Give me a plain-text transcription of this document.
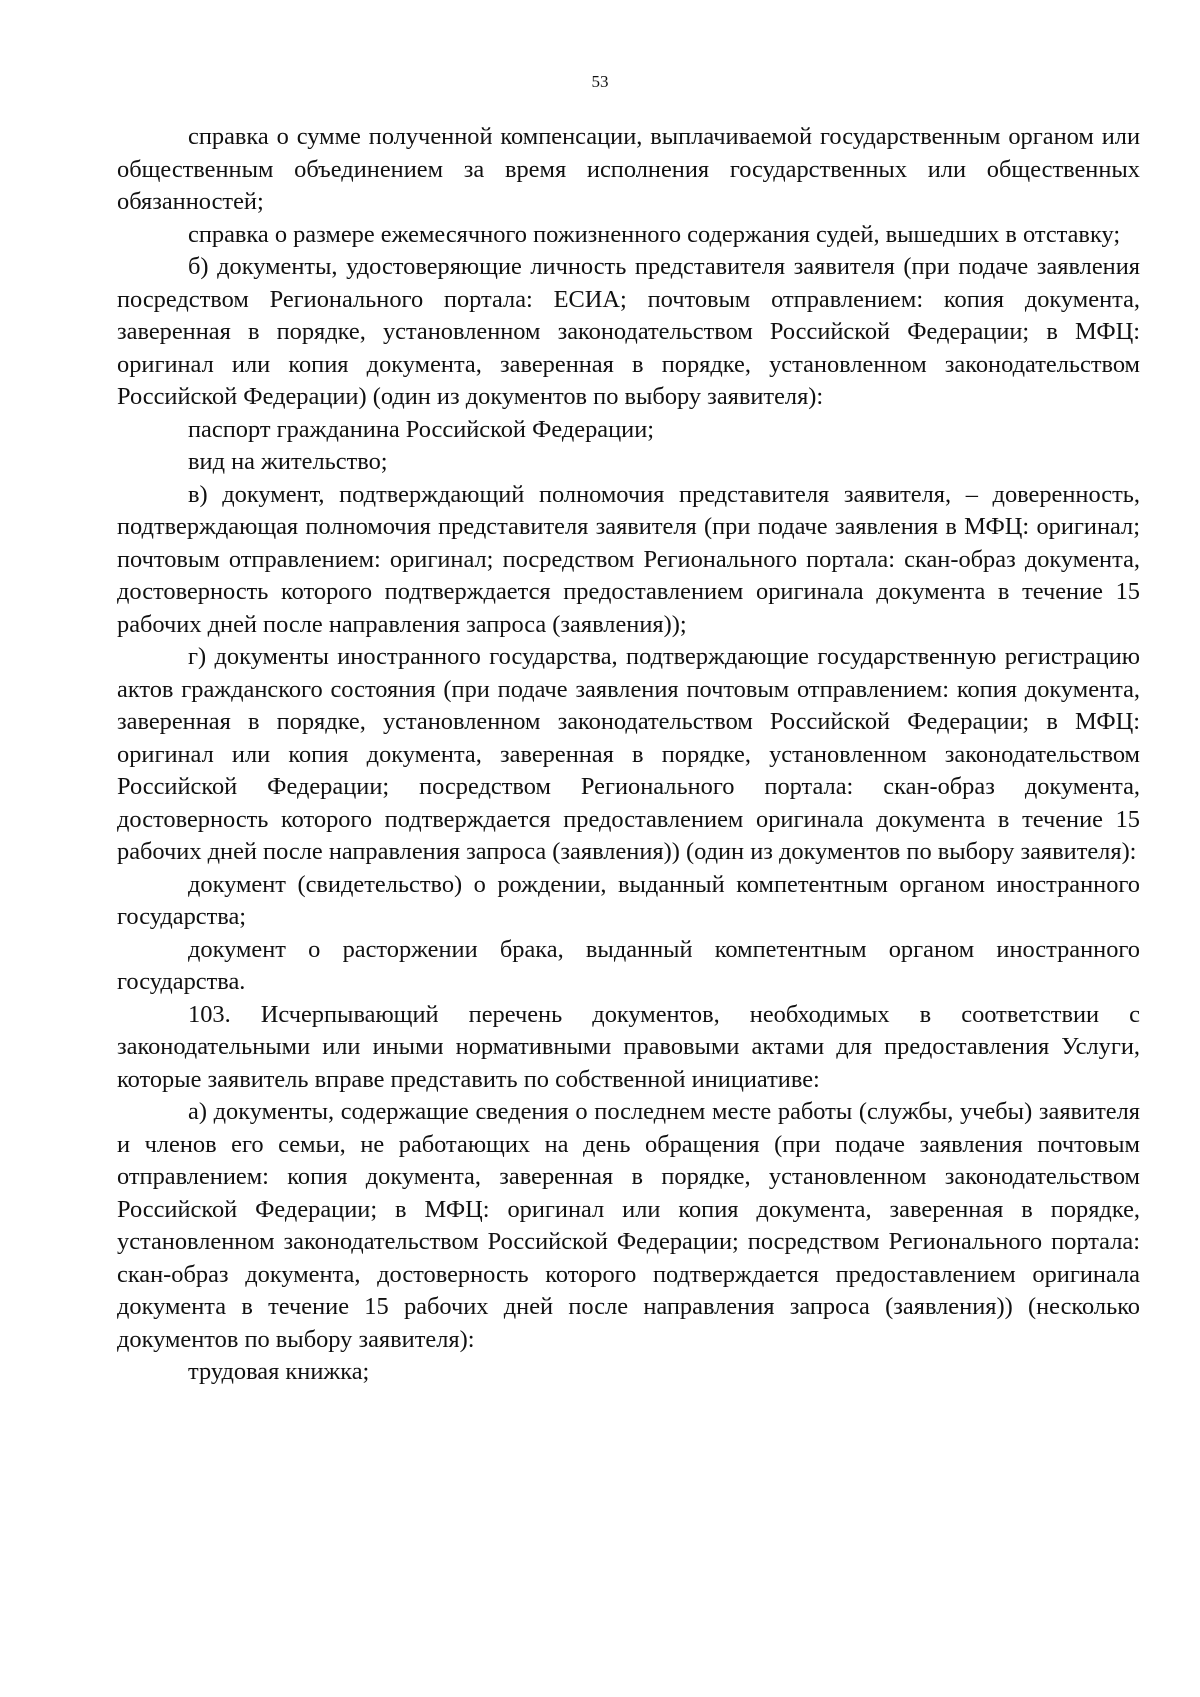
53

справка о сумме полученной компенсации, выплачиваемой государственным органом или общественным объединением за время исполнения государственных или общественных обязанностей;

справка о размере ежемесячного пожизненного содержания судей, вышедших в отставку;

б) документы, удостоверяющие личность представителя заявителя (при подаче заявления посредством Регионального портала: ЕСИА; почтовым отправлением: копия документа, заверенная в порядке, установленном законодательством Российской Федерации; в МФЦ: оригинал или копия документа, заверенная в порядке, установленном законодательством Российской Федерации) (один из документов по выбору заявителя):

паспорт гражданина Российской Федерации;

вид на жительство;

в) документ, подтверждающий полномочия представителя заявителя, – доверенность, подтверждающая полномочия представителя заявителя (при подаче заявления в МФЦ: оригинал; почтовым отправлением: оригинал; посредством Регионального портала: скан-образ документа, достоверность которого подтверждается предоставлением оригинала документа в течение 15 рабочих дней после направления запроса (заявления));

г) документы иностранного государства, подтверждающие государственную регистрацию актов гражданского состояния (при подаче заявления почтовым отправлением: копия документа, заверенная в порядке, установленном законодательством Российской Федерации; в МФЦ: оригинал или копия документа, заверенная в порядке, установленном законодательством Российской Федерации; посредством Регионального портала: скан-образ документа, достоверность которого подтверждается предоставлением оригинала документа в течение 15 рабочих дней после направления запроса (заявления)) (один из документов по выбору заявителя):

документ (свидетельство) о рождении, выданный компетентным органом иностранного государства;

документ о расторжении брака, выданный компетентным органом иностранного государства.

103. Исчерпывающий перечень документов, необходимых в соответствии с законодательными или иными нормативными правовыми актами для предоставления Услуги, которые заявитель вправе представить по собственной инициативе:

а) документы, содержащие сведения о последнем месте работы (службы, учебы) заявителя и членов его семьи, не работающих на день обращения (при подаче заявления почтовым отправлением: копия документа, заверенная в порядке, установленном законодательством Российской Федерации; в МФЦ: оригинал или копия документа, заверенная в порядке, установленном законодательством Российской Федерации; посредством Регионального портала: скан-образ документа, достоверность которого подтверждается предоставлением оригинала документа в течение 15 рабочих дней после направления запроса (заявления)) (несколько документов по выбору заявителя):

трудовая книжка;
